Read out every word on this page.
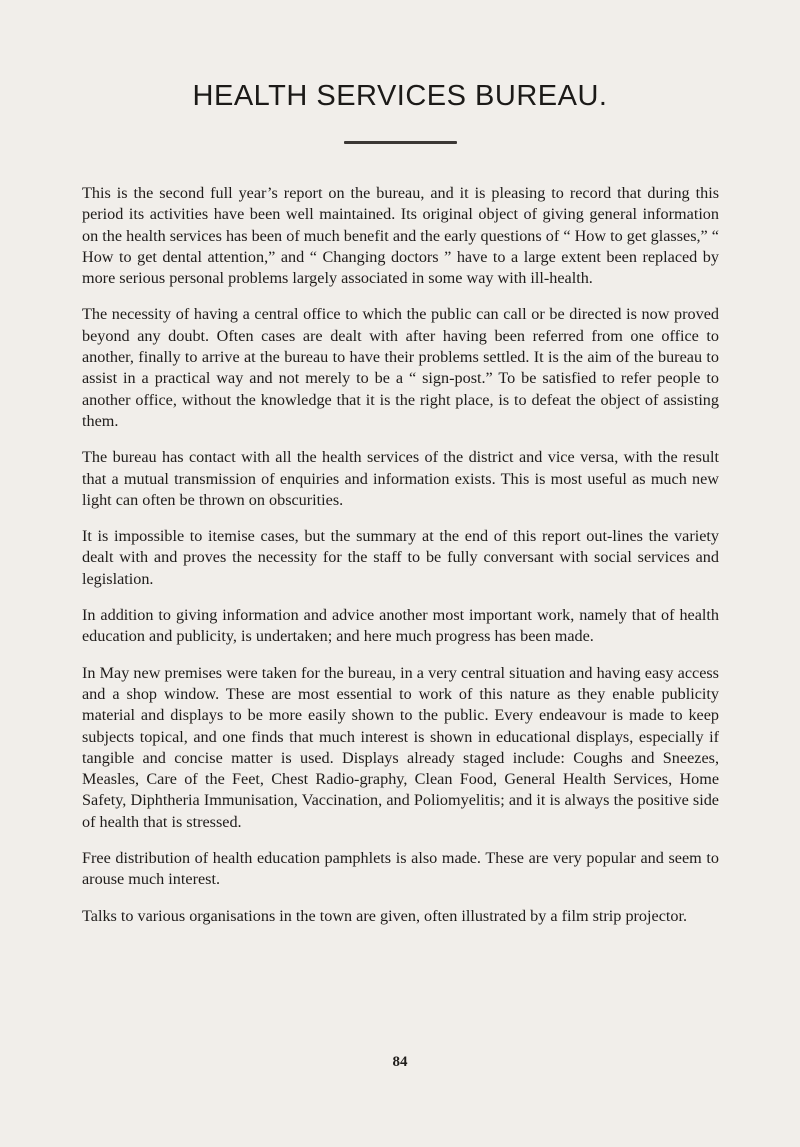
HEALTH SERVICES BUREAU.

This is the second full year’s report on the bureau, and it is pleasing to record that during this period its activities have been well maintained. Its original object of giving general information on the health services has been of much benefit and the early questions of “ How to get glasses,” “ How to get dental attention,” and “ Changing doctors ” have to a large extent been replaced by more serious personal problems largely associated in some way with ill-health.

The necessity of having a central office to which the public can call or be directed is now proved beyond any doubt. Often cases are dealt with after having been referred from one office to another, finally to arrive at the bureau to have their problems settled. It is the aim of the bureau to assist in a practical way and not merely to be a “ sign-post.” To be satisfied to refer people to another office, without the knowledge that it is the right place, is to defeat the object of assisting them.

The bureau has contact with all the health services of the district and vice versa, with the result that a mutual transmission of enquiries and information exists. This is most useful as much new light can often be thrown on obscurities.

It is impossible to itemise cases, but the summary at the end of this report out-lines the variety dealt with and proves the necessity for the staff to be fully conversant with social services and legislation.

In addition to giving information and advice another most important work, namely that of health education and publicity, is undertaken; and here much progress has been made.

In May new premises were taken for the bureau, in a very central situation and having easy access and a shop window. These are most essential to work of this nature as they enable publicity material and displays to be more easily shown to the public. Every endeavour is made to keep subjects topical, and one finds that much interest is shown in educational displays, especially if tangible and concise matter is used. Displays already staged include: Coughs and Sneezes, Measles, Care of the Feet, Chest Radio-graphy, Clean Food, General Health Services, Home Safety, Diphtheria Immunisation, Vaccination, and Poliomyelitis; and it is always the positive side of health that is stressed.

Free distribution of health education pamphlets is also made. These are very popular and seem to arouse much interest.

Talks to various organisations in the town are given, often illustrated by a film strip projector.

84
